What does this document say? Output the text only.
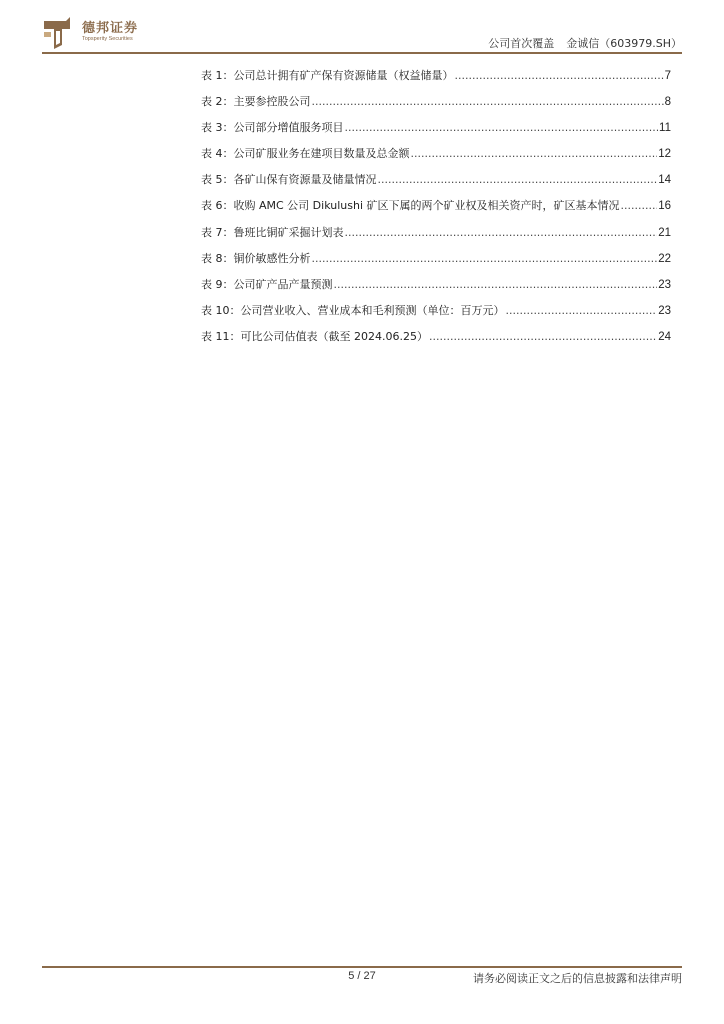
德邦证券
Topsperity Securities	公司首次覆盖 金诚信（603979.SH）
表 1：公司总计拥有矿产保有资源储量（权益储量） .....	7
表 2：主要参控股公司 .....	8
表 3：公司部分增值服务项目 .....	11
表 4：公司矿服业务在建项目数量及总金额 .....	12
表 5：各矿山保有资源量及储量情况 .....	14
表 6：收购 AMC 公司 Dikulushi 矿区下属的两个矿业权及相关资产时，矿区基本情况 .....	16
表 7：鲁班比铜矿采掘计划表 .....	21
表 8：铜价敏感性分析 .....	22
表 9：公司矿产品产量预测 .....	23
表 10：公司营业收入、营业成本和毛利预测（单位：百万元） .....	23
表 11：可比公司估值表（截至 2024.06.25） .....	24
5 / 27	请务必阅读正文之后的信息披露和法律声明
